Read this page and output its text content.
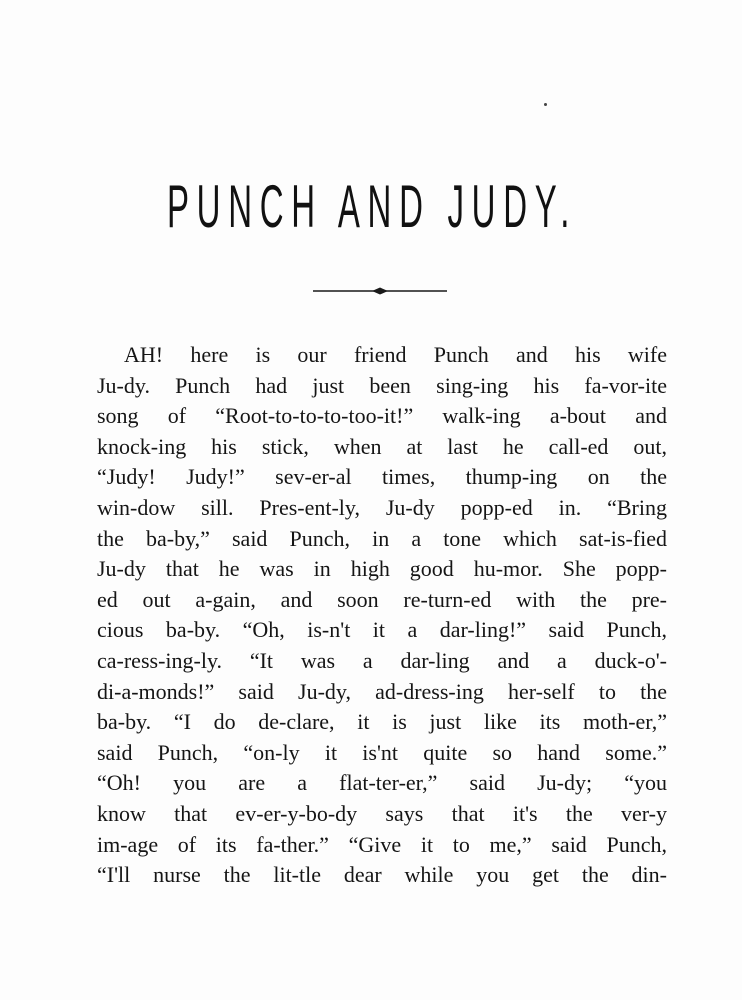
PUNCH AND JUDY.
AH! here is our friend Punch and his wife
Ju-dy. Punch had just been sing-ing his fa-vor-ite
song of “Root-to-to-to-too-it!” walk-ing a-bout and
knock-ing his stick, when at last he call-ed out,
“Judy! Judy!” sev-er-al times, thump-ing on the
win-dow sill. Pres-ent-ly, Ju-dy popp-ed in. “Bring
the ba-by,” said Punch, in a tone which sat-is-fied
Ju-dy that he was in high good hu-mor. She popp-
ed out a-gain, and soon re-turn-ed with the pre-
cious ba-by. “Oh, is-n't it a dar-ling!” said Punch,
ca-ress-ing-ly. “It was a dar-ling and a duck-o'-
di-a-monds!” said Ju-dy, ad-dress-ing her-self to the
ba-by. “I do de-clare, it is just like its moth-er,”
said Punch, “on-ly it is'nt quite so hand some.”
“Oh! you are a flat-ter-er,” said Ju-dy; “you
know that ev-er-y-bo-dy says that it's the ver-y
im-age of its fa-ther.” “Give it to me,” said Punch,
“I'll nurse the lit-tle dear while you get the din-
